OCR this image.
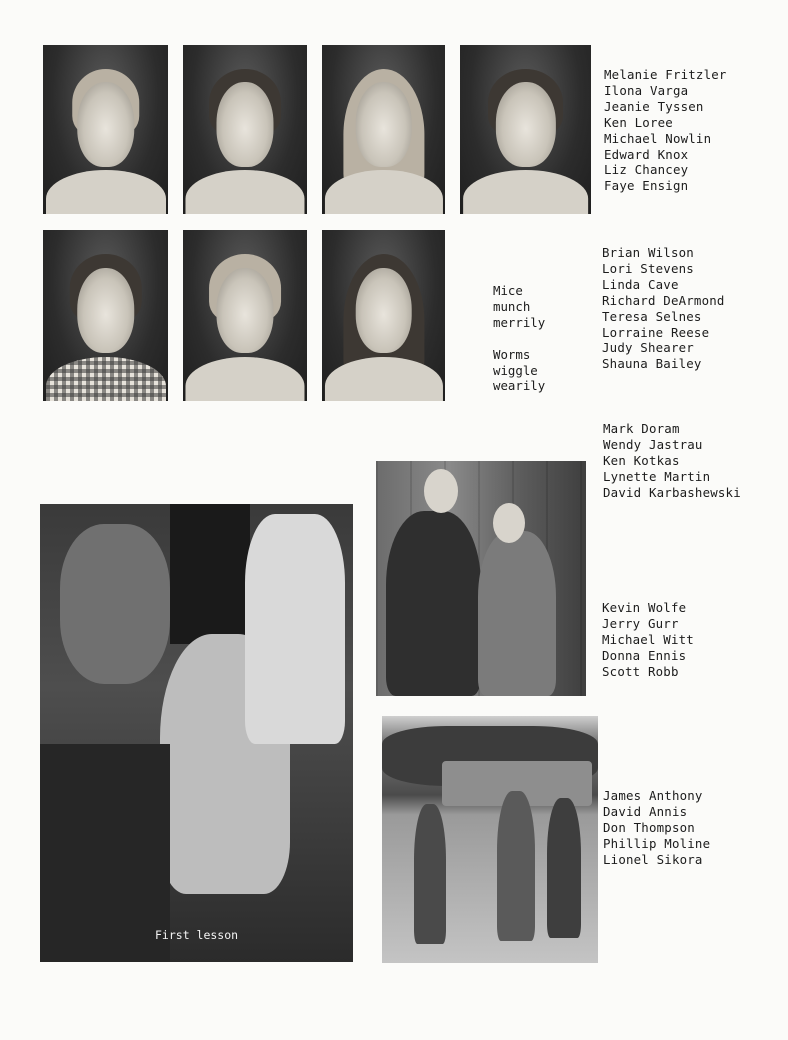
Melanie Fritzler
Ilona Varga
Jeanie Tyssen
Ken Loree
Michael Nowlin
Edward Knox
Liz Chancey
Faye Ensign
Mice
munch
merrily
Worms
wiggle
wearily
Brian Wilson
Lori Stevens
Linda Cave
Richard DeArmond
Teresa Selnes
Lorraine Reese
Judy Shearer
Shauna Bailey
Mark Doram
Wendy Jastrau
Ken Kotkas
Lynette Martin
David Karbashewski
First lesson
Kevin Wolfe
Jerry Gurr
Michael Witt
Donna Ennis
Scott Robb
James Anthony
David Annis
Don Thompson
Phillip Moline
Lionel Sikora
